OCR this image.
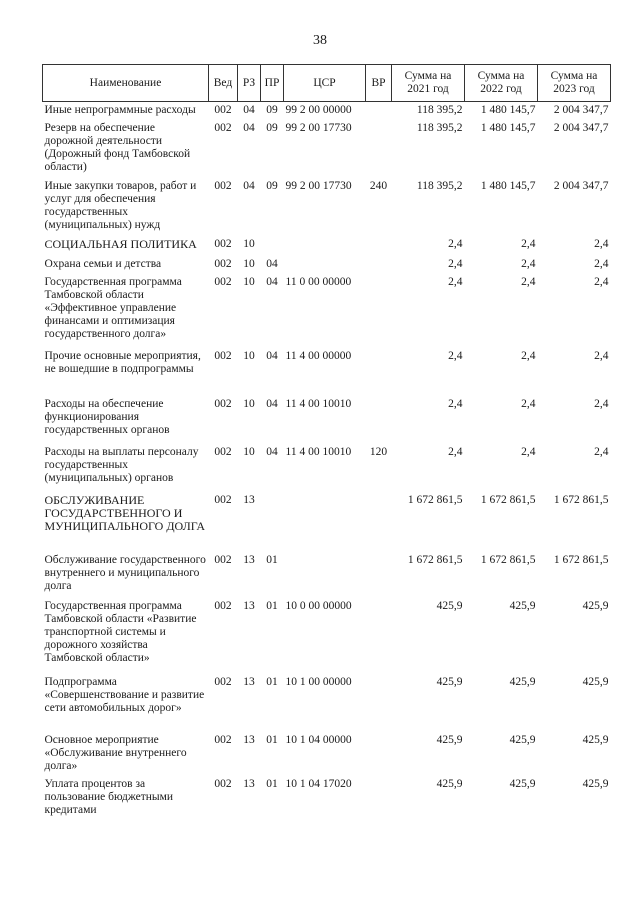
38
Наименование	Вед	РЗ	ПР	ЦСР	ВР	Сумма на 2021 год	Сумма на 2022 год	Сумма на 2023 год
Иные непрограммные расходы	002	04	09	99 2 00 00000		118 395,2	1 480 145,7	2 004 347,7
Резерв на обеспечение дорожной деятельности (Дорожный фонд Тамбовской области)	002	04	09	99 2 00 17730		118 395,2	1 480 145,7	2 004 347,7
Иные закупки товаров, работ и услуг для обеспечения государственных (муниципальных) нужд	002	04	09	99 2 00 17730	240	118 395,2	1 480 145,7	2 004 347,7
СОЦИАЛЬНАЯ ПОЛИТИКА	002	10				2,4	2,4	2,4
Охрана семьи и детства	002	10	04			2,4	2,4	2,4
Государственная программа Тамбовской области «Эффективное управление финансами и оптимизация государственного долга»	002	10	04	11 0 00 00000		2,4	2,4	2,4
Прочие основные мероприятия, не вошедшие в подпрограммы	002	10	04	11 4 00 00000		2,4	2,4	2,4
Расходы на обеспечение функционирования государственных органов	002	10	04	11 4 00 10010		2,4	2,4	2,4
Расходы на выплаты персоналу государственных (муниципальных) органов	002	10	04	11 4 00 10010	120	2,4	2,4	2,4
ОБСЛУЖИВАНИЕ ГОСУДАРСТВЕННОГО И МУНИЦИПАЛЬНОГО ДОЛГА	002	13				1 672 861,5	1 672 861,5	1 672 861,5
Обслуживание государственного внутреннего и муниципального долга	002	13	01			1 672 861,5	1 672 861,5	1 672 861,5
Государственная программа Тамбовской области «Развитие транспортной системы и дорожного хозяйства Тамбовской области»	002	13	01	10 0 00 00000		425,9	425,9	425,9
Подпрограмма «Совершенствование и развитие сети автомобильных дорог»	002	13	01	10 1 00 00000		425,9	425,9	425,9
Основное мероприятие «Обслуживание внутреннего долга»	002	13	01	10 1 04 00000		425,9	425,9	425,9
Уплата процентов за пользование бюджетными кредитами	002	13	01	10 1 04 17020		425,9	425,9	425,9
